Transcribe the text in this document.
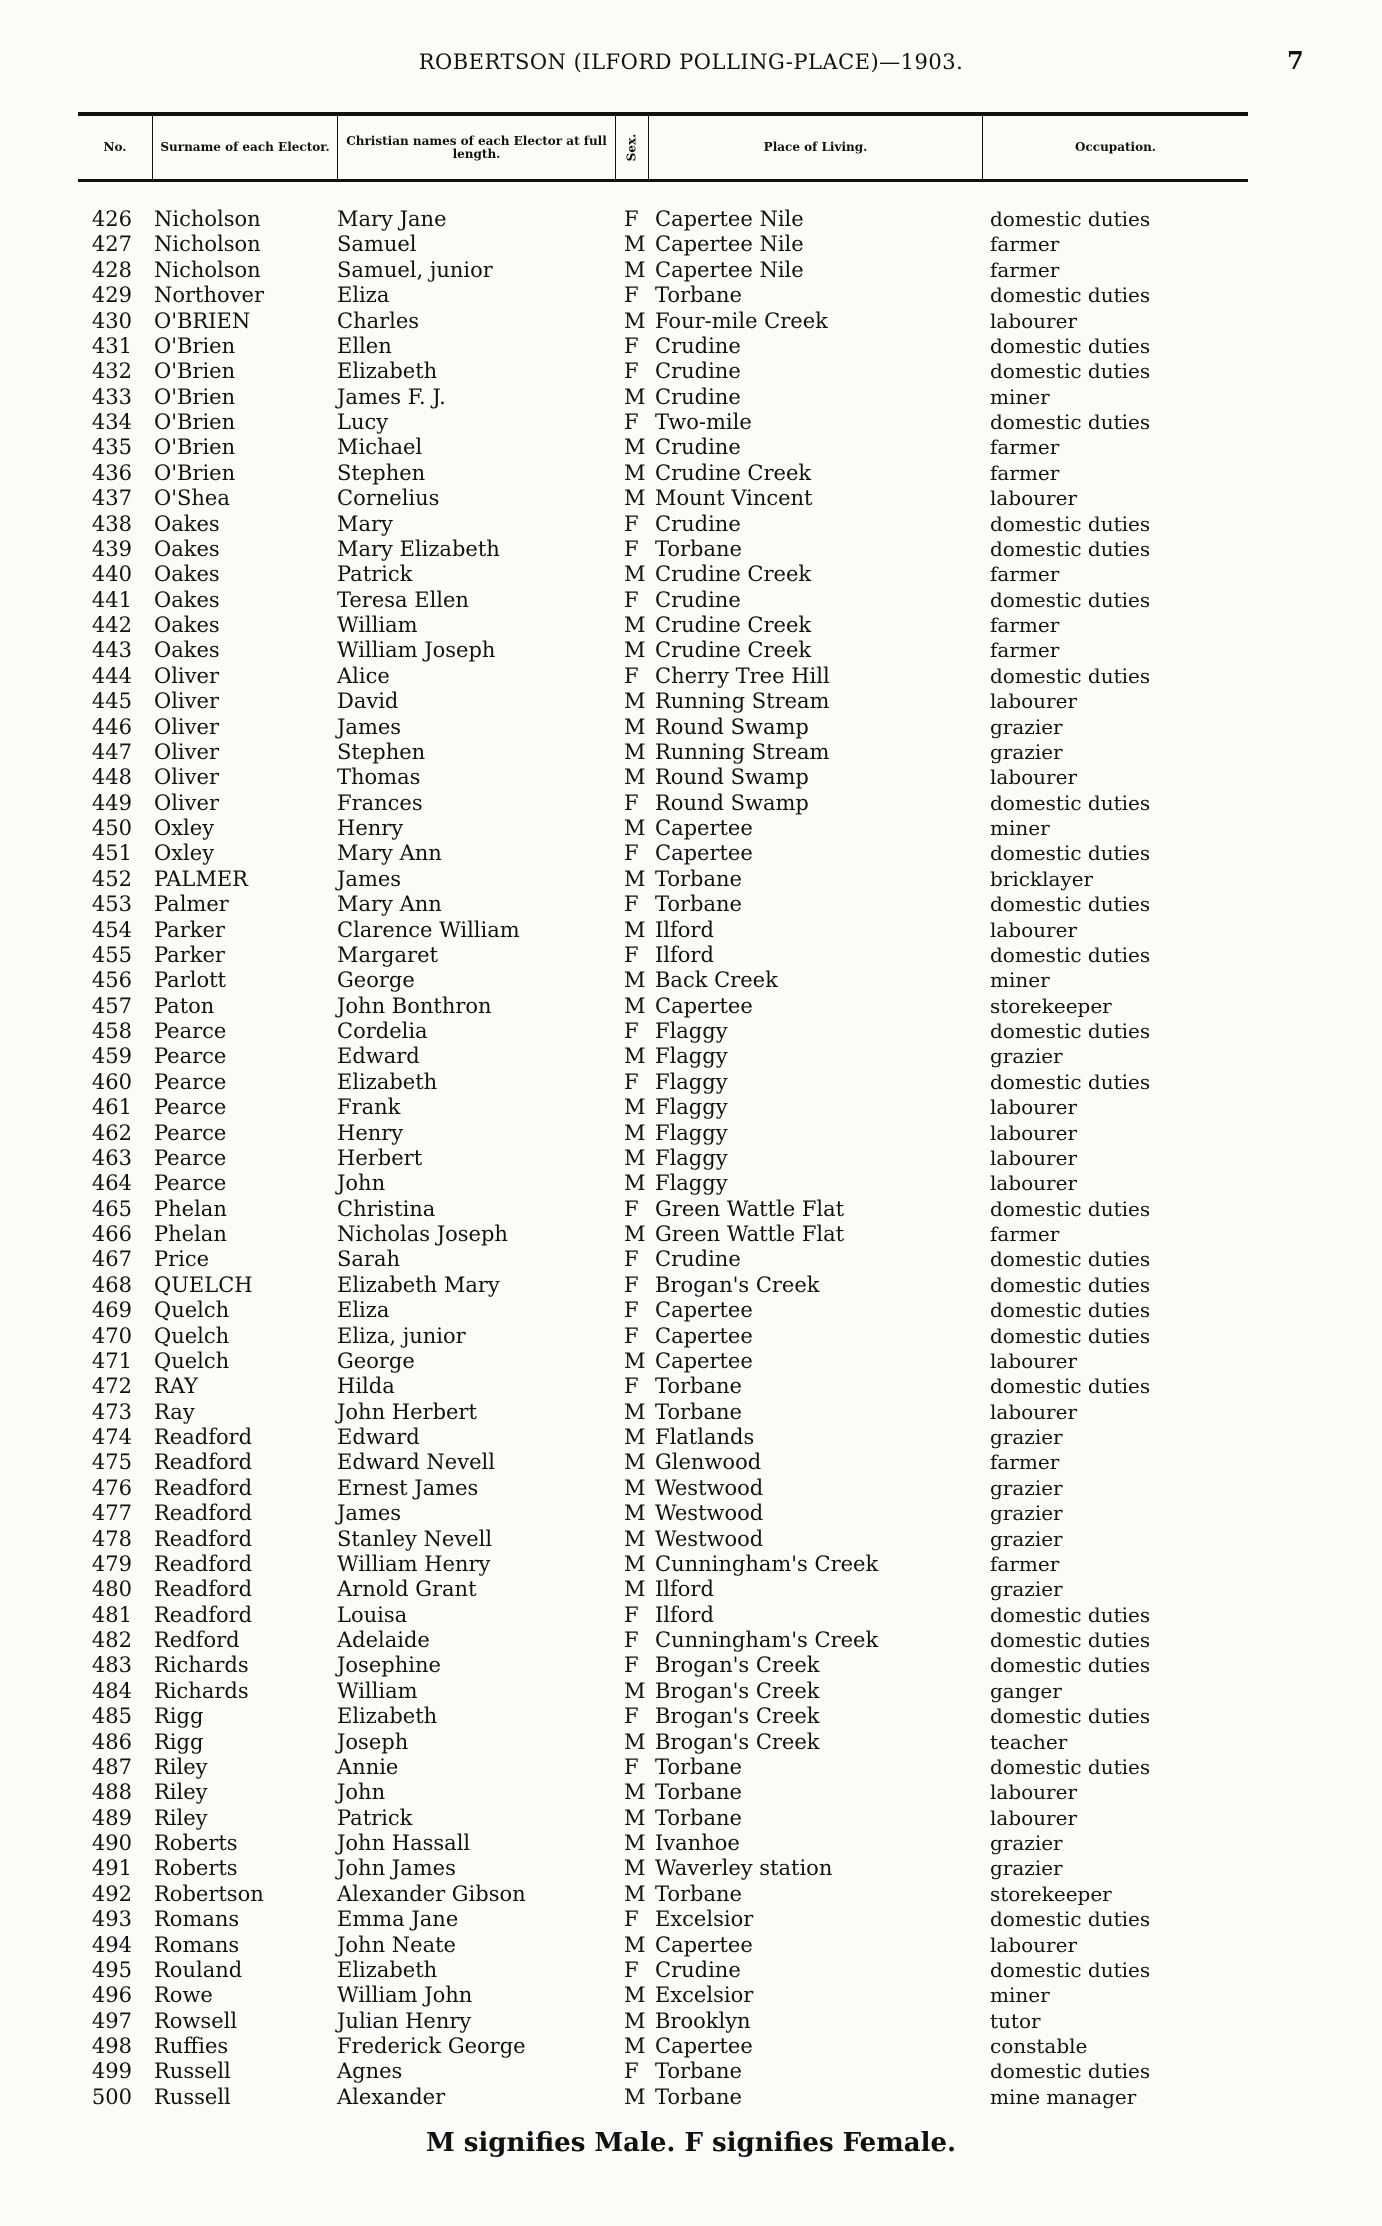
ROBERTSON (ILFORD POLLING-PLACE)—1903.	7
No.	Surname of each Elector.	Christian names of each Elector at full length.	Sex.	Place of Living.	Occupation.
426 Nicholson	Mary Jane	F Capertee Nile	domestic duties
427 Nicholson	Samuel	M Capertee Nile	farmer
428 Nicholson	Samuel, junior	M Capertee Nile	farmer
429 Northover	Eliza	F Torbane	domestic duties
430 O'BRIEN	Charles	M Four-mile Creek	labourer
431 O'Brien	Ellen	F Crudine	domestic duties
432 O'Brien	Elizabeth	F Crudine	domestic duties
433 O'Brien	James F. J.	M Crudine	miner
434 O'Brien	Lucy	F Two-mile	domestic duties
435 O'Brien	Michael	M Crudine	farmer
436 O'Brien	Stephen	M Crudine Creek	farmer
437 O'Shea	Cornelius	M Mount Vincent	labourer
438 Oakes	Mary	F Crudine	domestic duties
439 Oakes	Mary Elizabeth	F Torbane	domestic duties
440 Oakes	Patrick	M Crudine Creek	farmer
441 Oakes	Teresa Ellen	F Crudine	domestic duties
442 Oakes	William	M Crudine Creek	farmer
443 Oakes	William Joseph	M Crudine Creek	farmer
444 Oliver	Alice	F Cherry Tree Hill	domestic duties
445 Oliver	David	M Running Stream	labourer
446 Oliver	James	M Round Swamp	grazier
447 Oliver	Stephen	M Running Stream	grazier
448 Oliver	Thomas	M Round Swamp	labourer
449 Oliver	Frances	F Round Swamp	domestic duties
450 Oxley	Henry	M Capertee	miner
451 Oxley	Mary Ann	F Capertee	domestic duties
452 PALMER	James	M Torbane	bricklayer
453 Palmer	Mary Ann	F Torbane	domestic duties
454 Parker	Clarence William	M Ilford	labourer
455 Parker	Margaret	F Ilford	domestic duties
456 Parlott	George	M Back Creek	miner
457 Paton	John Bonthron	M Capertee	storekeeper
458 Pearce	Cordelia	F Flaggy	domestic duties
459 Pearce	Edward	M Flaggy	grazier
460 Pearce	Elizabeth	F Flaggy	domestic duties
461 Pearce	Frank	M Flaggy	labourer
462 Pearce	Henry	M Flaggy	labourer
463 Pearce	Herbert	M Flaggy	labourer
464 Pearce	John	M Flaggy	labourer
465 Phelan	Christina	F Green Wattle Flat	domestic duties
466 Phelan	Nicholas Joseph	M Green Wattle Flat	farmer
467 Price	Sarah	F Crudine	domestic duties
468 QUELCH	Elizabeth Mary	F Brogan's Creek	domestic duties
469 Quelch	Eliza	F Capertee	domestic duties
470 Quelch	Eliza, junior	F Capertee	domestic duties
471 Quelch	George	M Capertee	labourer
472 RAY	Hilda	F Torbane	domestic duties
473 Ray	John Herbert	M Torbane	labourer
474 Readford	Edward	M Flatlands	grazier
475 Readford	Edward Nevell	M Glenwood	farmer
476 Readford	Ernest James	M Westwood	grazier
477 Readford	James	M Westwood	grazier
478 Readford	Stanley Nevell	M Westwood	grazier
479 Readford	William Henry	M Cunningham's Creek	farmer
480 Readford	Arnold Grant	M Ilford	grazier
481 Readford	Louisa	F Ilford	domestic duties
482 Redford	Adelaide	F Cunningham's Creek	domestic duties
483 Richards	Josephine	F Brogan's Creek	domestic duties
484 Richards	William	M Brogan's Creek	ganger
485 Rigg	Elizabeth	F Brogan's Creek	domestic duties
486 Rigg	Joseph	M Brogan's Creek	teacher
487 Riley	Annie	F Torbane	domestic duties
488 Riley	John	M Torbane	labourer
489 Riley	Patrick	M Torbane	labourer
490 Roberts	John Hassall	M Ivanhoe	grazier
491 Roberts	John James	M Waverley station	grazier
492 Robertson	Alexander Gibson	M Torbane	storekeeper
493 Romans	Emma Jane	F Excelsior	domestic duties
494 Romans	John Neate	M Capertee	labourer
495 Rouland	Elizabeth	F Crudine	domestic duties
496 Rowe	William John	M Excelsior	miner
497 Rowsell	Julian Henry	M Brooklyn	tutor
498 Ruffies	Frederick George	M Capertee	constable
499 Russell	Agnes	F Torbane	domestic duties
500 Russell	Alexander	M Torbane	mine manager
M signifies Male. F signifies Female.
